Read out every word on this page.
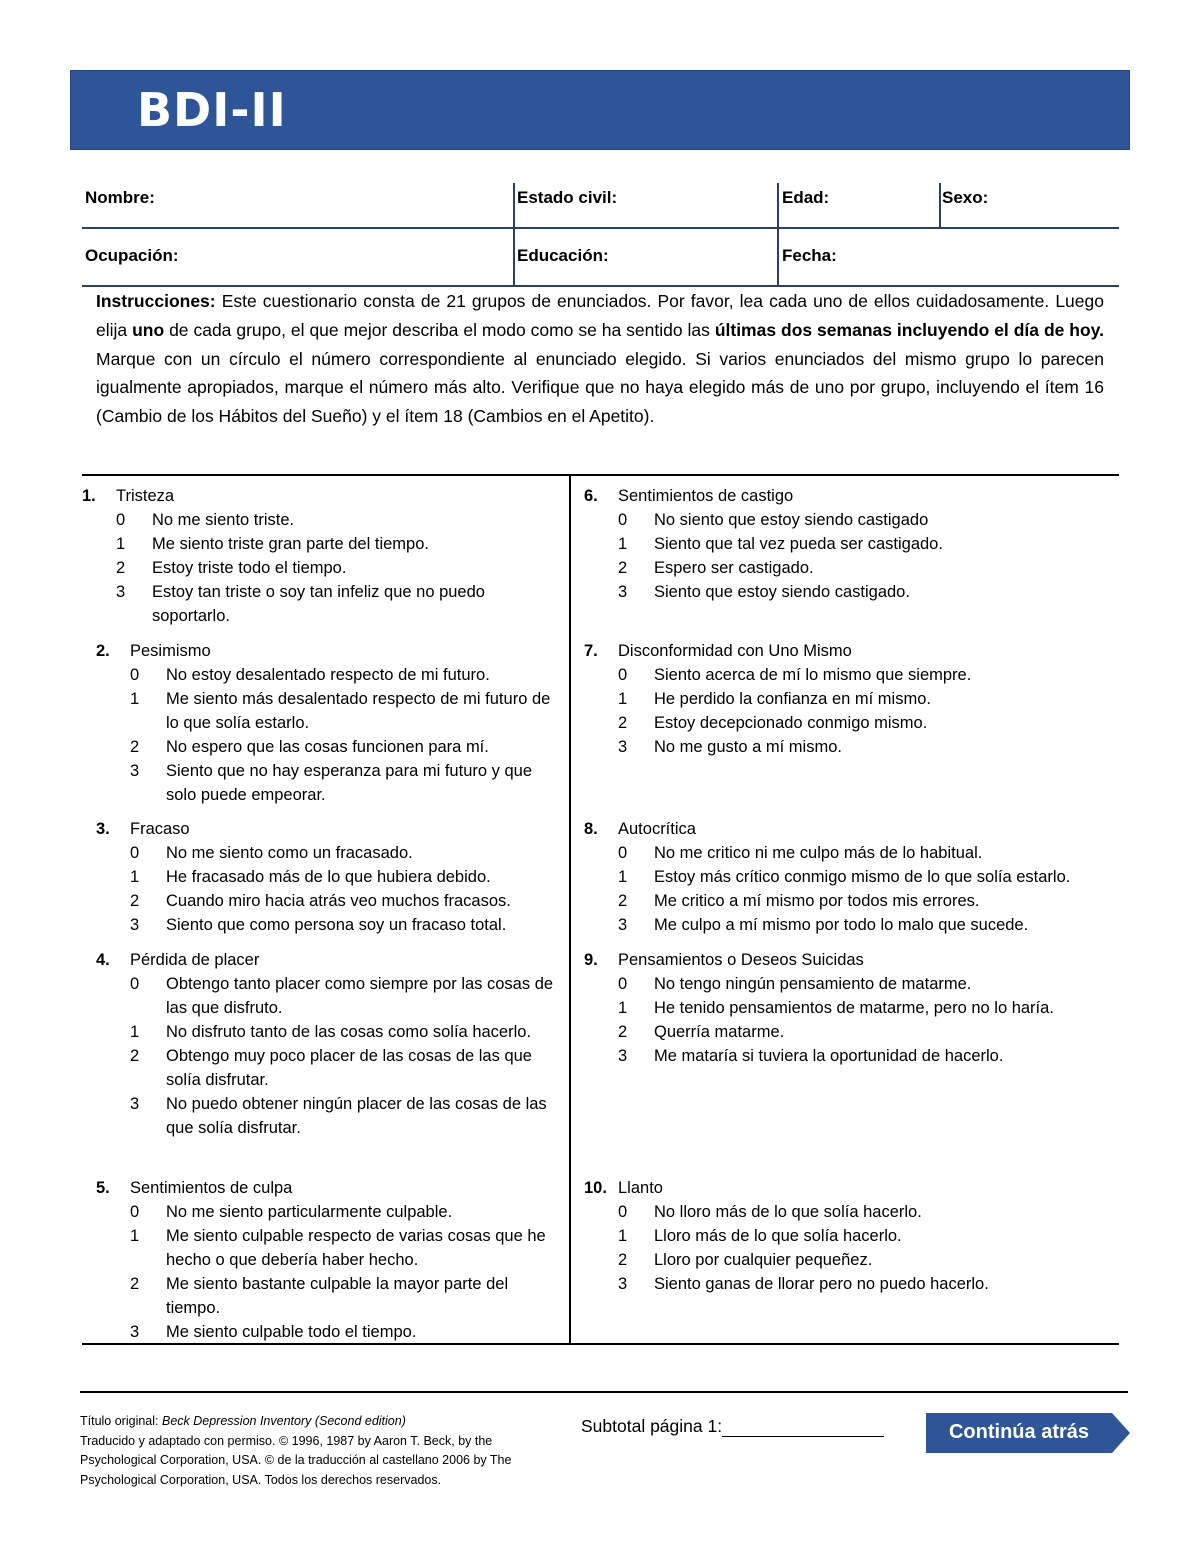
BDI-II
Nombre:	Estado civil:	Edad:	Sexo:
Ocupación:	Educación:	Fecha:

Instrucciones: Este cuestionario consta de 21 grupos de enunciados. Por favor, lea cada uno de ellos cuidadosamente. Luego elija uno de cada grupo, el que mejor describa el modo como se ha sentido las últimas dos semanas incluyendo el día de hoy. Marque con un círculo el número correspondiente al enunciado elegido. Si varios enunciados del mismo grupo lo parecen igualmente apropiados, marque el número más alto. Verifique que no haya elegido más de uno por grupo, incluyendo el ítem 16 (Cambio de los Hábitos del Sueño) y el ítem 18 (Cambios en el Apetito).

1.	Tristeza
0	No me siento triste.
1	Me siento triste gran parte del tiempo.
2	Estoy triste todo el tiempo.
3	Estoy tan triste o soy tan infeliz que no puedo soportarlo.
2.	Pesimismo
0	No estoy desalentado respecto de mi futuro.
1	Me siento más desalentado respecto de mi futuro de lo que solía estarlo.
2	No espero que las cosas funcionen para mí.
3	Siento que no hay esperanza para mi futuro y que solo puede empeorar.
3.	Fracaso
0	No me siento como un fracasado.
1	He fracasado más de lo que hubiera debido.
2	Cuando miro hacia atrás veo muchos fracasos.
3	Siento que como persona soy un fracaso total.
4.	Pérdida de placer
0	Obtengo tanto placer como siempre por las cosas de las que disfruto.
1	No disfruto tanto de las cosas como solía hacerlo.
2	Obtengo muy poco placer de las cosas de las que solía disfrutar.
3	No puedo obtener ningún placer de las cosas de las que solía disfrutar.
5.	Sentimientos de culpa
0	No me siento particularmente culpable.
1	Me siento culpable respecto de varias cosas que he hecho o que debería haber hecho.
2	Me siento bastante culpable la mayor parte del tiempo.
3	Me siento culpable todo el tiempo.
6.	Sentimientos de castigo
0	No siento que estoy siendo castigado
1	Siento que tal vez pueda ser castigado.
2	Espero ser castigado.
3	Siento que estoy siendo castigado.
7.	Disconformidad con Uno Mismo
0	Siento acerca de mí lo mismo que siempre.
1	He perdido la confianza en mí mismo.
2	Estoy decepcionado conmigo mismo.
3	No me gusto a mí mismo.
8.	Autocrítica
0	No me critico ni me culpo más de lo habitual.
1	Estoy más crítico conmigo mismo de lo que solía estarlo.
2	Me critico a mí mismo por todos mis errores.
3	Me culpo a mí mismo por todo lo malo que sucede.
9.	Pensamientos o Deseos Suicidas
0	No tengo ningún pensamiento de matarme.
1	He tenido pensamientos de matarme, pero no lo haría.
2	Querría matarme.
3	Me mataría si tuviera la oportunidad de hacerlo.
10. Llanto
0	No lloro más de lo que solía hacerlo.
1	Lloro más de lo que solía hacerlo.
2	Lloro por cualquier pequeñez.
3	Siento ganas de llorar pero no puedo hacerlo.
Título original: Beck Depression Inventory (Second edition)
Traducido y adaptado con permiso. © 1996, 1987 by Aaron T. Beck, by the Psychological Corporation, USA. © de la traducción al castellano 2006 by The Psychological Corporation, USA. Todos los derechos reservados.
Subtotal página 1:	Continúa atrás
